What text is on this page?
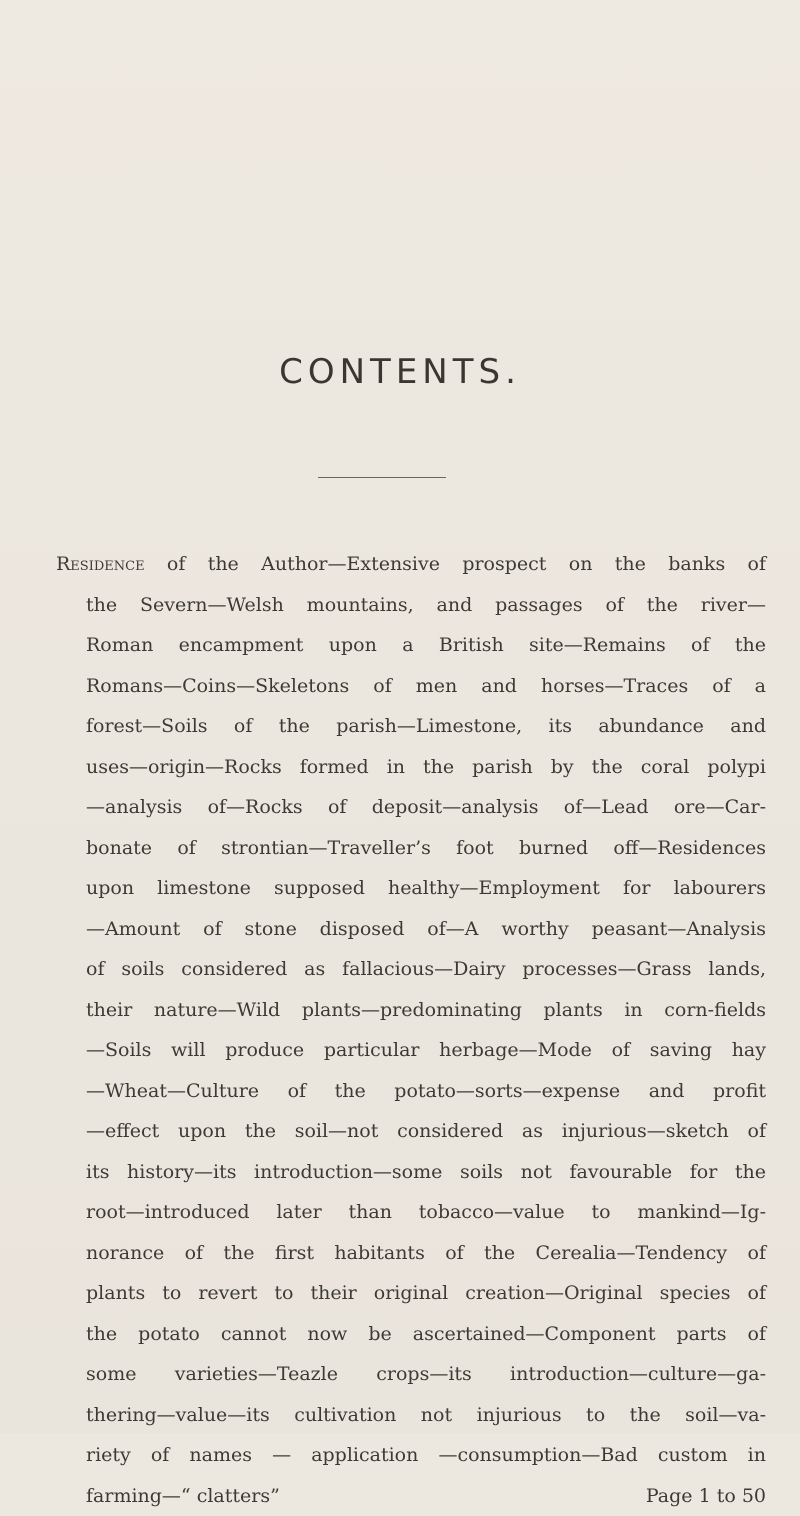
CONTENTS.
Residence of the Author—Extensive prospect on the banks of
the Severn—Welsh mountains, and passages of the river—
Roman encampment upon a British site—Remains of the
Romans—Coins—Skeletons of men and horses—Traces of a
forest—Soils of the parish—Limestone, its abundance and
uses—origin—Rocks formed in the parish by the coral polypi
—analysis of—Rocks of deposit—analysis of—Lead ore—Car-
bonate of strontian—Traveller’s foot burned off—Residences
upon limestone supposed healthy—Employment for labourers
—Amount of stone disposed of—A worthy peasant—Analysis
of soils considered as fallacious—Dairy processes—Grass lands,
their nature—Wild plants—predominating plants in corn-fields
—Soils will produce particular herbage—Mode of saving hay
—Wheat—Culture of the potato—sorts—expense and profit
—effect upon the soil—not considered as injurious—sketch of
its history—its introduction—some soils not favourable for the
root—introduced later than tobacco—value to mankind—Ig-
norance of the first habitants of the Cerealia—Tendency of
plants to revert to their original creation—Original species of
the potato cannot now be ascertained—Component parts of
some varieties—Teazle crops—its introduction—culture—ga-
thering—value—its cultivation not injurious to the soil—va-
riety of names — application —consumption—Bad custom in
farming—“ clatters”	Page 1 to 50
